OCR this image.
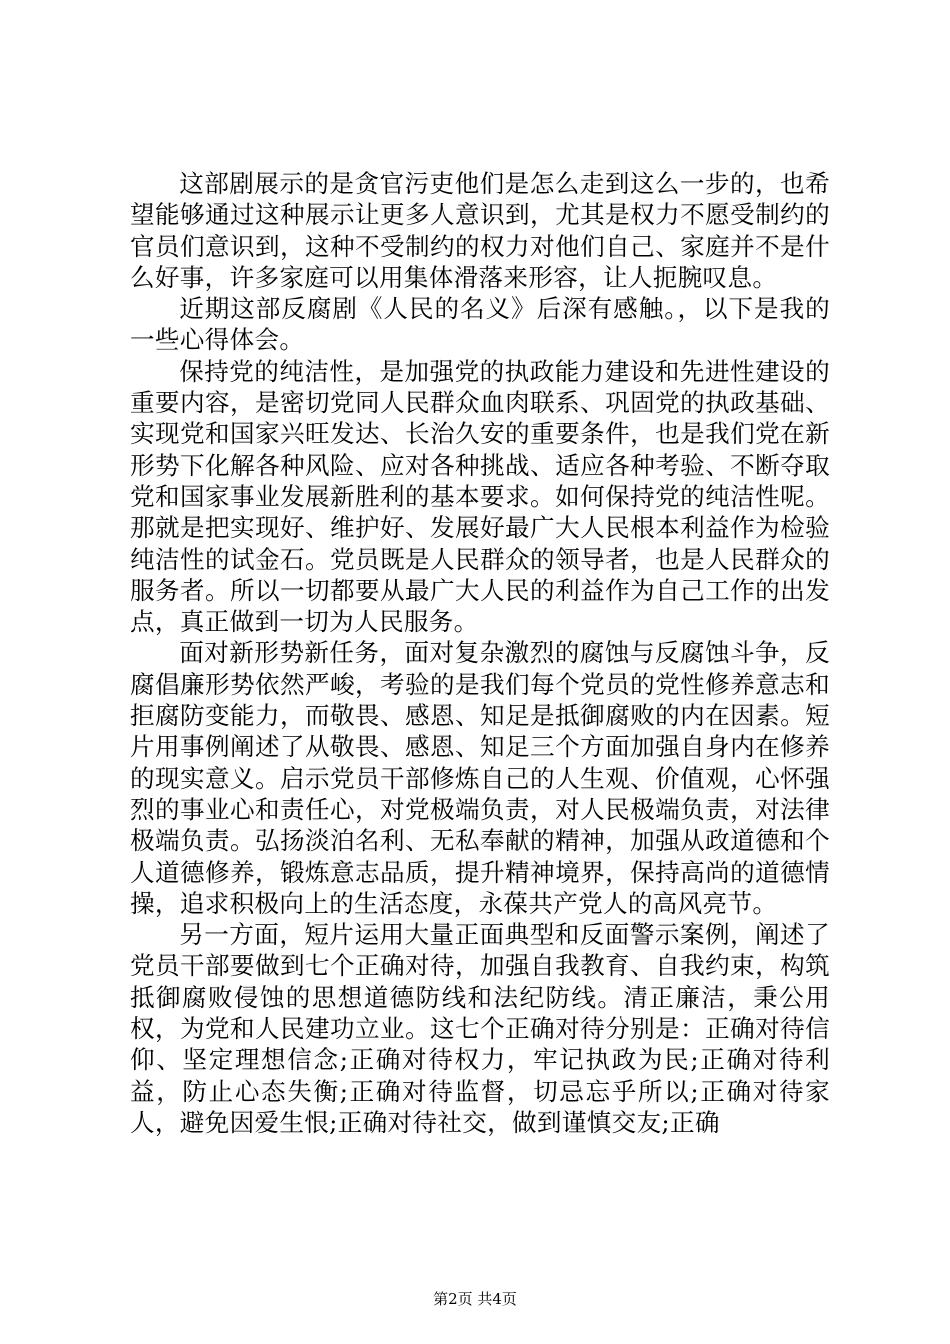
这部剧展示的是贪官污吏他们是怎么走到这么一步的，也希望能够通过这种展示让更多人意识到，尤其是权力不愿受制约的官员们意识到，这种不受制约的权力对他们自己、家庭并不是什么好事，许多家庭可以用集体滑落来形容，让人扼腕叹息。

近期这部反腐剧《人民的名义》后深有感触。，以下是我的一些心得体会。

保持党的纯洁性，是加强党的执政能力建设和先进性建设的重要内容，是密切党同人民群众血肉联系、巩固党的执政基础、实现党和国家兴旺发达、长治久安的重要条件，也是我们党在新形势下化解各种风险、应对各种挑战、适应各种考验、不断夺取党和国家事业发展新胜利的基本要求。如何保持党的纯洁性呢。那就是把实现好、维护好、发展好最广大人民根本利益作为检验纯洁性的试金石。党员既是人民群众的领导者，也是人民群众的服务者。所以一切都要从最广大人民的利益作为自己工作的出发点，真正做到一切为人民服务。

面对新形势新任务，面对复杂激烈的腐蚀与反腐蚀斗争，反腐倡廉形势依然严峻，考验的是我们每个党员的党性修养意志和拒腐防变能力，而敬畏、感恩、知足是抵御腐败的内在因素。短片用事例阐述了从敬畏、感恩、知足三个方面加强自身内在修养的现实意义。启示党员干部修炼自己的人生观、价值观，心怀强烈的事业心和责任心，对党极端负责，对人民极端负责，对法律极端负责。弘扬淡泊名利、无私奉献的精神，加强从政道德和个人道德修养，锻炼意志品质，提升精神境界，保持高尚的道德情操，追求积极向上的生活态度，永葆共产党人的高风亮节。

另一方面，短片运用大量正面典型和反面警示案例，阐述了党员干部要做到七个正确对待，加强自我教育、自我约束，构筑抵御腐败侵蚀的思想道德防线和法纪防线。清正廉洁，秉公用权，为党和人民建功立业。这七个正确对待分别是：正确对待信仰、坚定理想信念;正确对待权力，牢记执政为民;正确对待利益，防止心态失衡;正确对待监督，切忌忘乎所以;正确对待家人，避免因爱生恨;正确对待社交，做到谨慎交友;正确

第2页 共4页
